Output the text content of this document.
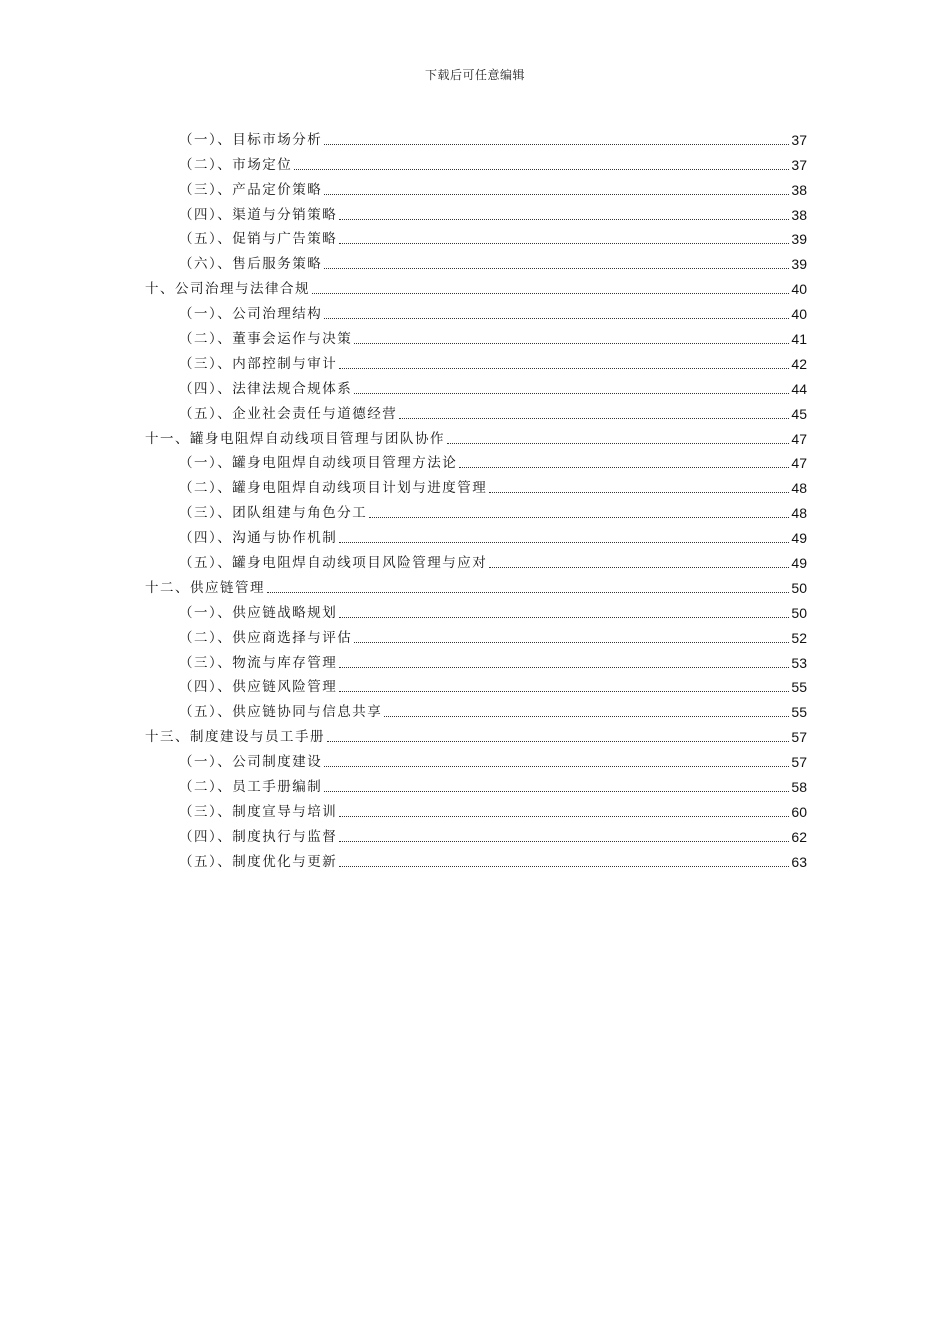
下载后可任意编辑
（一）、目标市场分析	37
（二）、市场定位	37
（三）、产品定价策略	38
（四）、渠道与分销策略	38
（五）、促销与广告策略	39
（六）、售后服务策略	39
十、公司治理与法律合规	40
（一）、公司治理结构	40
（二）、董事会运作与决策	41
（三）、内部控制与审计	42
（四）、法律法规合规体系	44
（五）、企业社会责任与道德经营	45
十一、罐身电阻焊自动线项目管理与团队协作	47
（一）、罐身电阻焊自动线项目管理方法论	47
（二）、罐身电阻焊自动线项目计划与进度管理	48
（三）、团队组建与角色分工	48
（四）、沟通与协作机制	49
（五）、罐身电阻焊自动线项目风险管理与应对	49
十二、供应链管理	50
（一）、供应链战略规划	50
（二）、供应商选择与评估	52
（三）、物流与库存管理	53
（四）、供应链风险管理	55
（五）、供应链协同与信息共享	55
十三、制度建设与员工手册	57
（一）、公司制度建设	57
（二）、员工手册编制	58
（三）、制度宣导与培训	60
（四）、制度执行与监督	62
（五）、制度优化与更新	63
